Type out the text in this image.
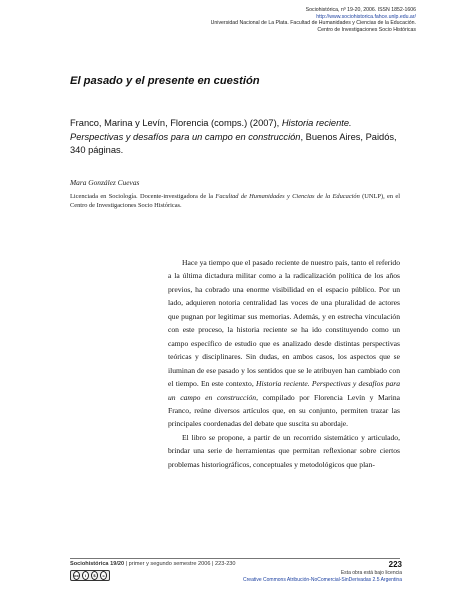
Sociohistórica, nº 19-20, 2006. ISSN 1852-1606
http://www.sociohistorica.fahce.unlp.edu.ar/
Universidad Nacional de La Plata. Facultad de Humanidades y Ciencias de la Educación.
Centro de Investigaciones Socio Históricas
El pasado y el presente en cuestión
Franco, Marina y Levín, Florencia (comps.) (2007), Historia reciente. Perspectivas y desafíos para un campo en construcción, Buenos Aires, Paidós, 340 páginas.
Mara González Cuevas
Licenciada en Sociología. Docente-investigadora de la Facultad de Humanidades y Ciencias de la Educación (UNLP), en el Centro de Investigaciones Socio Históricas.

Hace ya tiempo que el pasado reciente de nuestro país, tanto el referido a la última dictadura militar como a la radicalización política de los años previos, ha cobrado una enorme visibilidad en el espacio público. Por un lado, adquieren notoria centralidad las voces de una pluralidad de actores que pugnan por legitimar sus memorias. Además, y en estrecha vinculación con este proceso, la historia reciente se ha ido constituyendo como un campo específico de estudio que es analizado desde distintas perspectivas teóricas y disciplinares. Sin dudas, en ambos casos, los aspectos que se iluminan de ese pasado y los sentidos que se le atribuyen han cambiado con el tiempo. En este contexto, Historia reciente. Perspectivas y desafíos para un campo en construcción, compilado por Florencia Levín y Marina Franco, reúne diversos artículos que, en su conjunto, permiten trazar las principales coordenadas del debate que suscita su abordaje.

El libro se propone, a partir de un recorrido sistemático y articulado, brindar una serie de herramientas que permitan reflexionar sobre ciertos problemas historiográficos, conceptuales y metodológicos que plan-

Sociohistórica 19/20 | primer y segundo semestre 2006 | 223-230	223
cc	i	$	=	Esta obra está bajo licencia
Creative Commons Atribución-NoComercial-SinDerivadas 2.5 Argentina
